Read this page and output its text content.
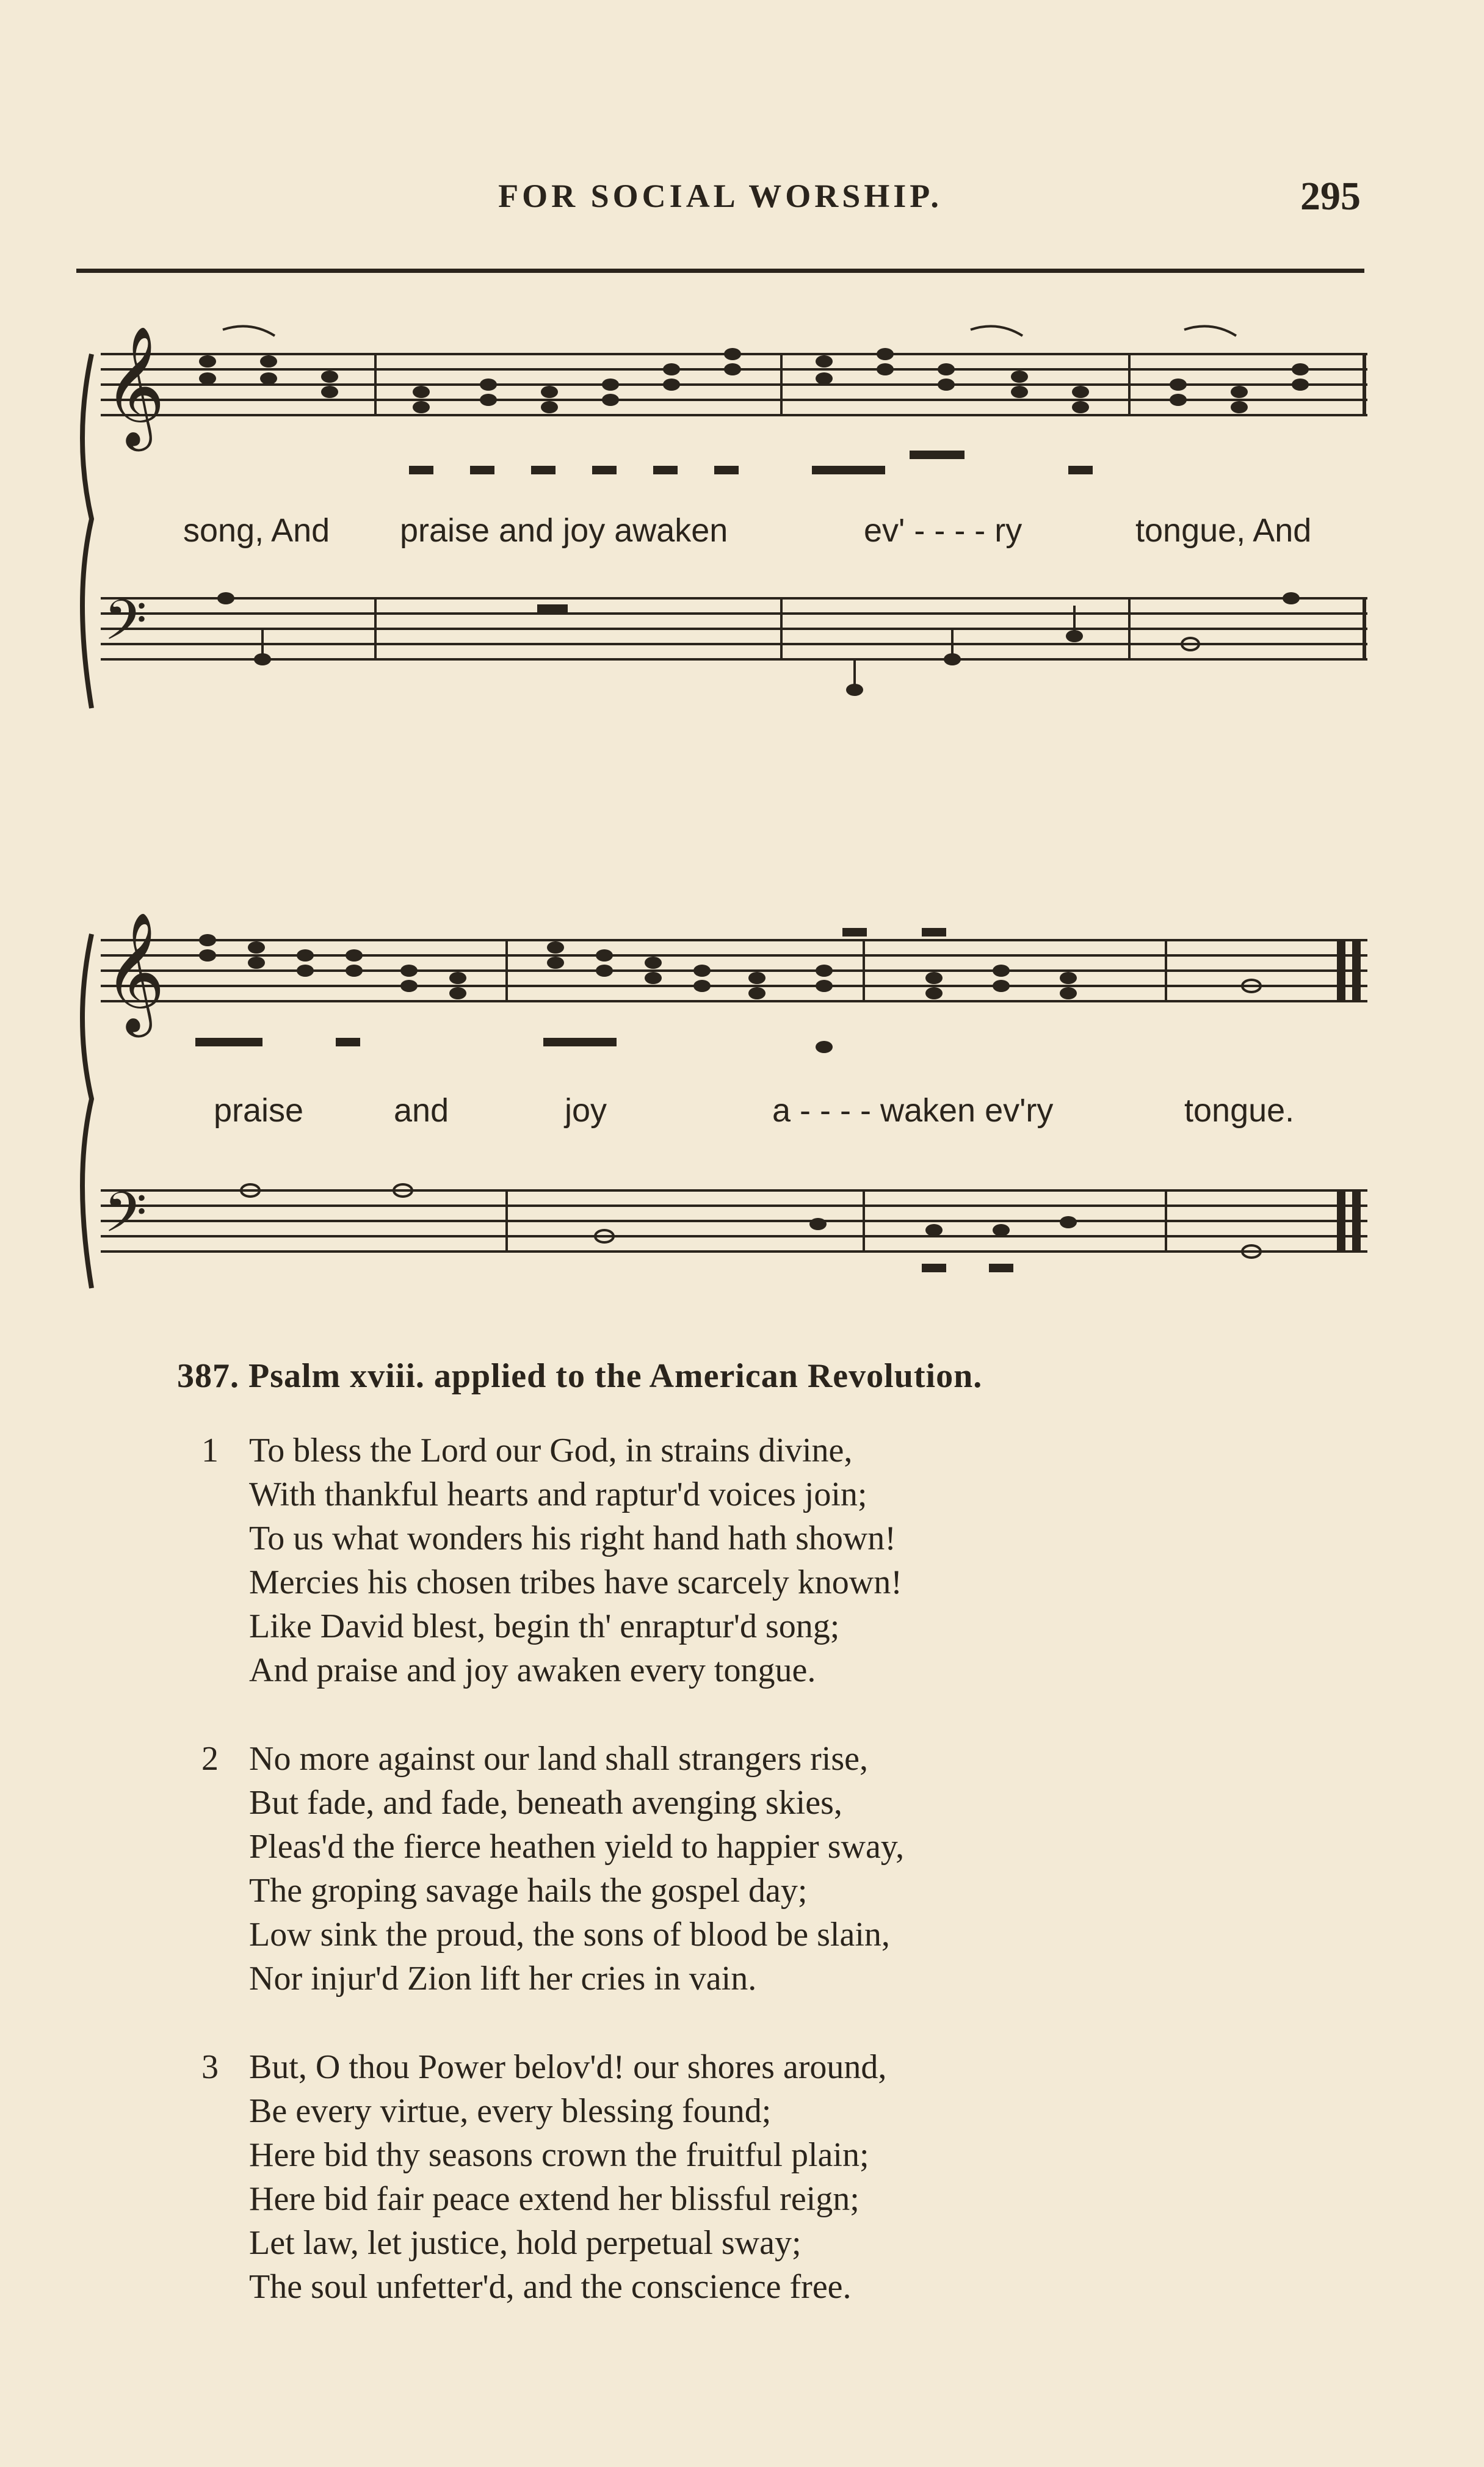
FOR SOCIAL WORSHIP.	295
𝄞
𝄢
song, And praise and joy awaken	ev' - - - - ry	tongue, And
𝄞
𝄢
praise	and	joy	a - - - - waken ev'ry	tongue.
387. Psalm xviii. applied to the American Revolution.
1 To bless the Lord our God, in strains divine,
With thankful hearts and raptur'd voices join;
To us what wonders his right hand hath shown!
Mercies his chosen tribes have scarcely known!
Like David blest, begin th' enraptur'd song;
And praise and joy awaken every tongue.
2 No more against our land shall strangers rise,
But fade, and fade, beneath avenging skies,
Pleas'd the fierce heathen yield to happier sway,
The groping savage hails the gospel day;
Low sink the proud, the sons of blood be slain,
Nor injur'd Zion lift her cries in vain.
3 But, O thou Power belov'd! our shores around,
Be every virtue, every blessing found;
Here bid thy seasons crown the fruitful plain;
Here bid fair peace extend her blissful reign;
Let law, let justice, hold perpetual sway;
The soul unfetter'd, and the conscience free.
